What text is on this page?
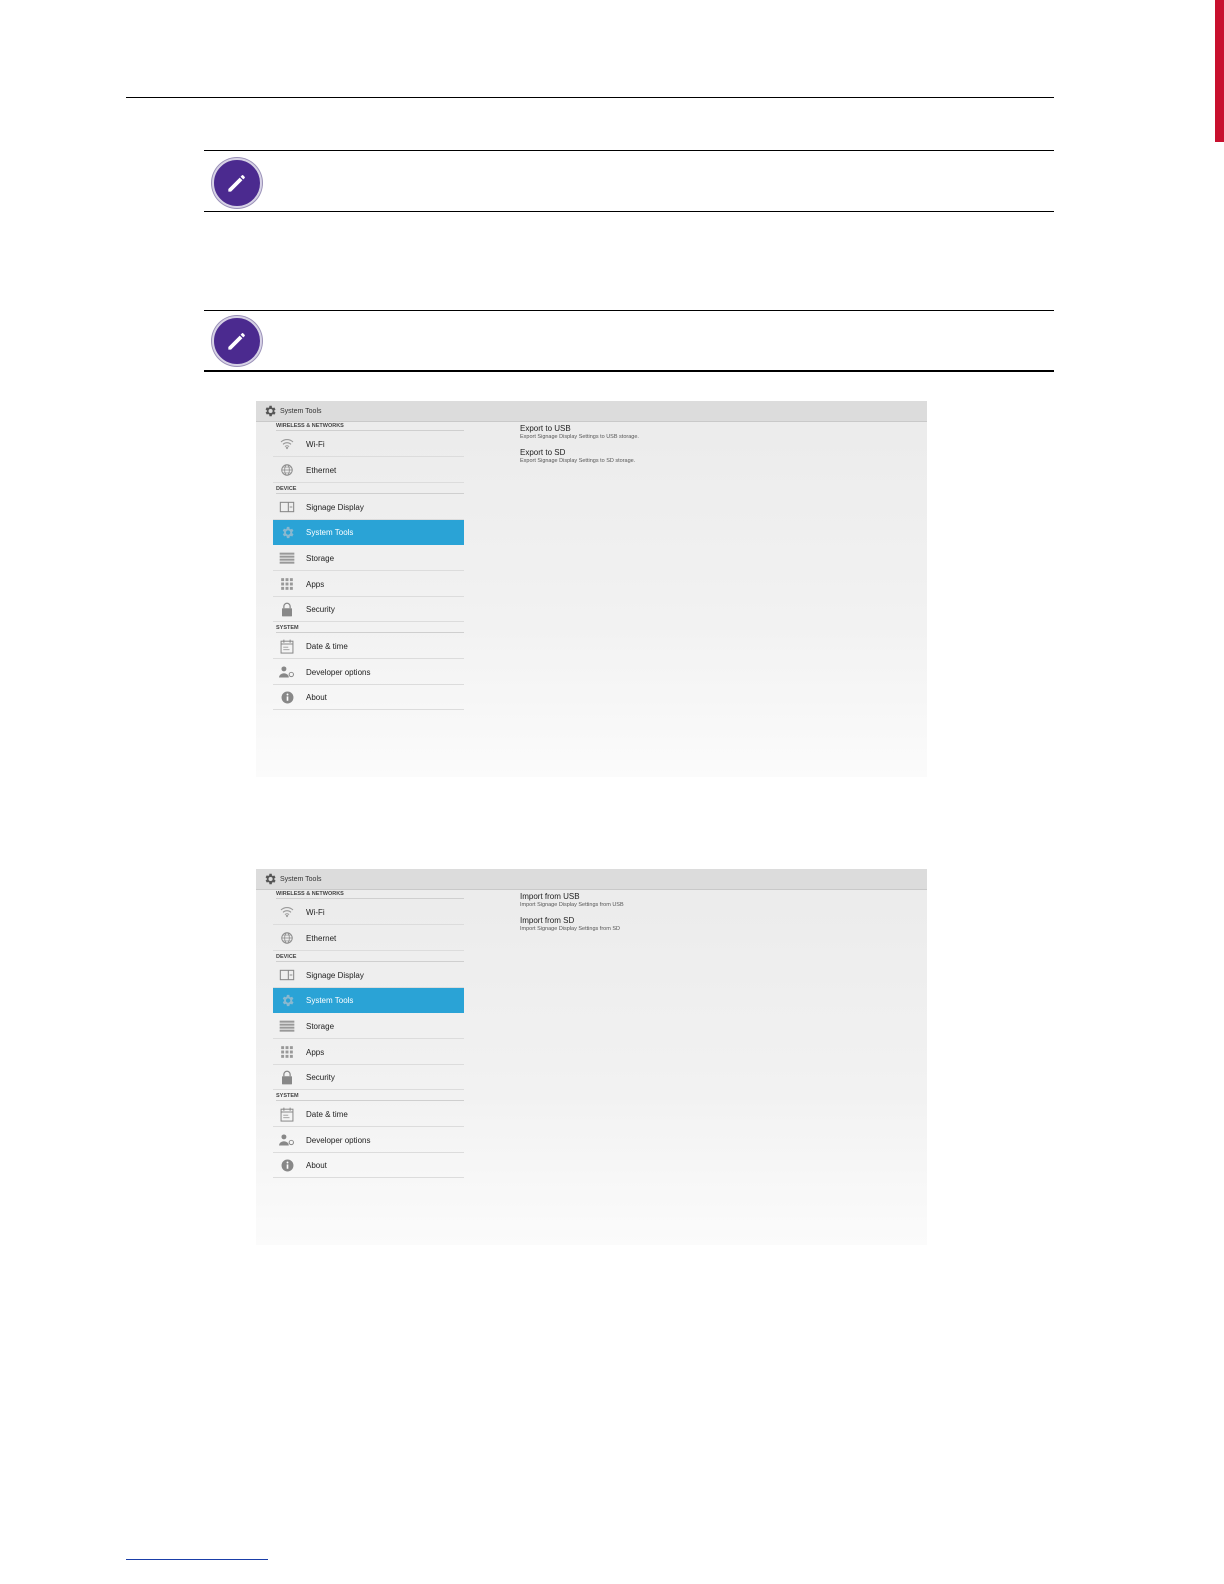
System Tools
WIRELESS & NETWORKS
Wi-Fi
Ethernet
DEVICE
Signage Display
System Tools
Storage
Apps
Security
SYSTEM
Date & time
Developer options
About
Export to USB
Export Signage Display Settings to USB storage.
Export to SD
Export Signage Display Settings to SD storage.
System Tools
WIRELESS & NETWORKS
Wi-Fi
Ethernet
DEVICE
Signage Display
System Tools
Storage
Apps
Security
SYSTEM
Date & time
Developer options
About
Import from USB
Import Signage Display Settings from USB
Import from SD
Import Signage Display Settings from SD
